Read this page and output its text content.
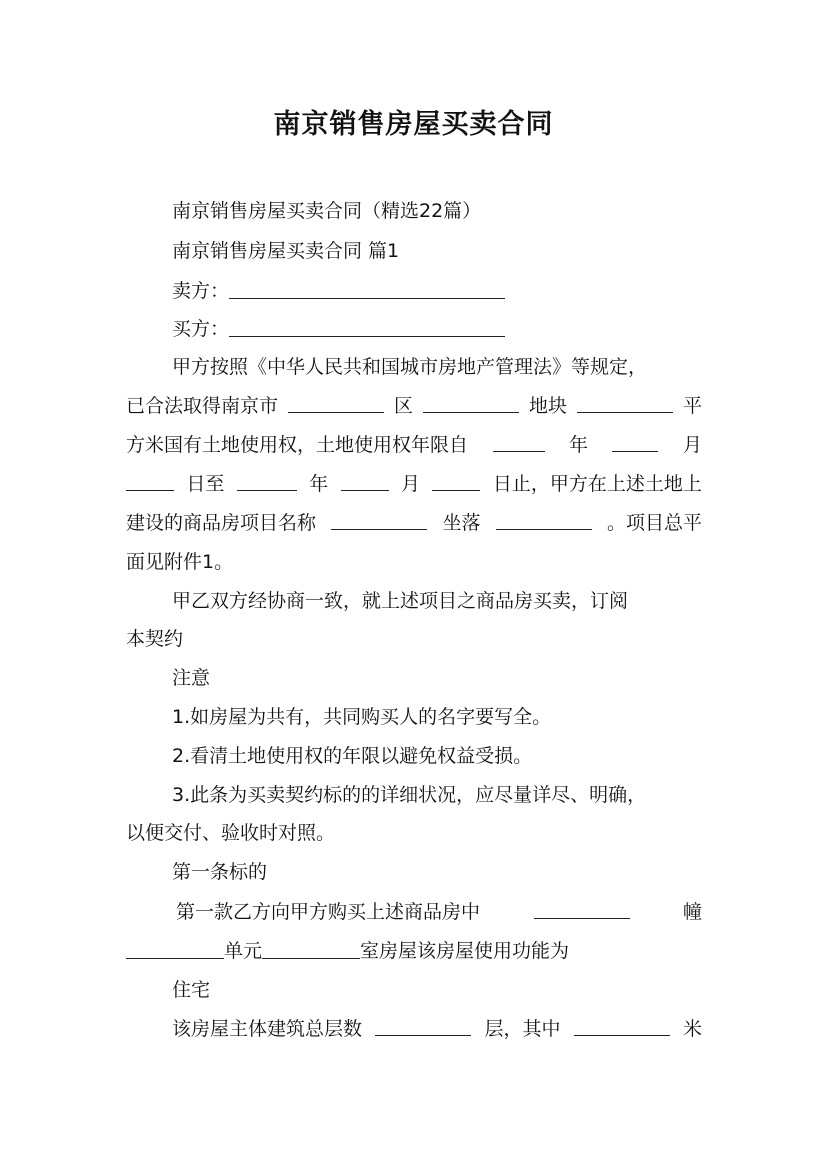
南京销售房屋买卖合同
南京销售房屋买卖合同（精选22篇）
南京销售房屋买卖合同 篇1
卖方：
买方：
甲方按照《中华人民共和国城市房地产管理法》等规定，
已合法取得南京市	区	地块	平
方米国有土地使用权，土地使用权年限自	年	月
日至	年	月	日止，甲方在上述土地上
建设的商品房项目名称	坐落	。项目总平
面见附件1。
甲乙双方经协商一致，就上述项目之商品房买卖，订阅
本契约
注意
1.如房屋为共有，共同购买人的名字要写全。
2.看清土地使用权的年限以避免权益受损。
3.此条为买卖契约标的的详细状况，应尽量详尽、明确，
以便交付、验收时对照。
第一条标的
第一款乙方向甲方购买上述商品房中	幢
单元	室房屋该房屋使用功能为
住宅
该房屋主体建筑总层数	层，其中	米
